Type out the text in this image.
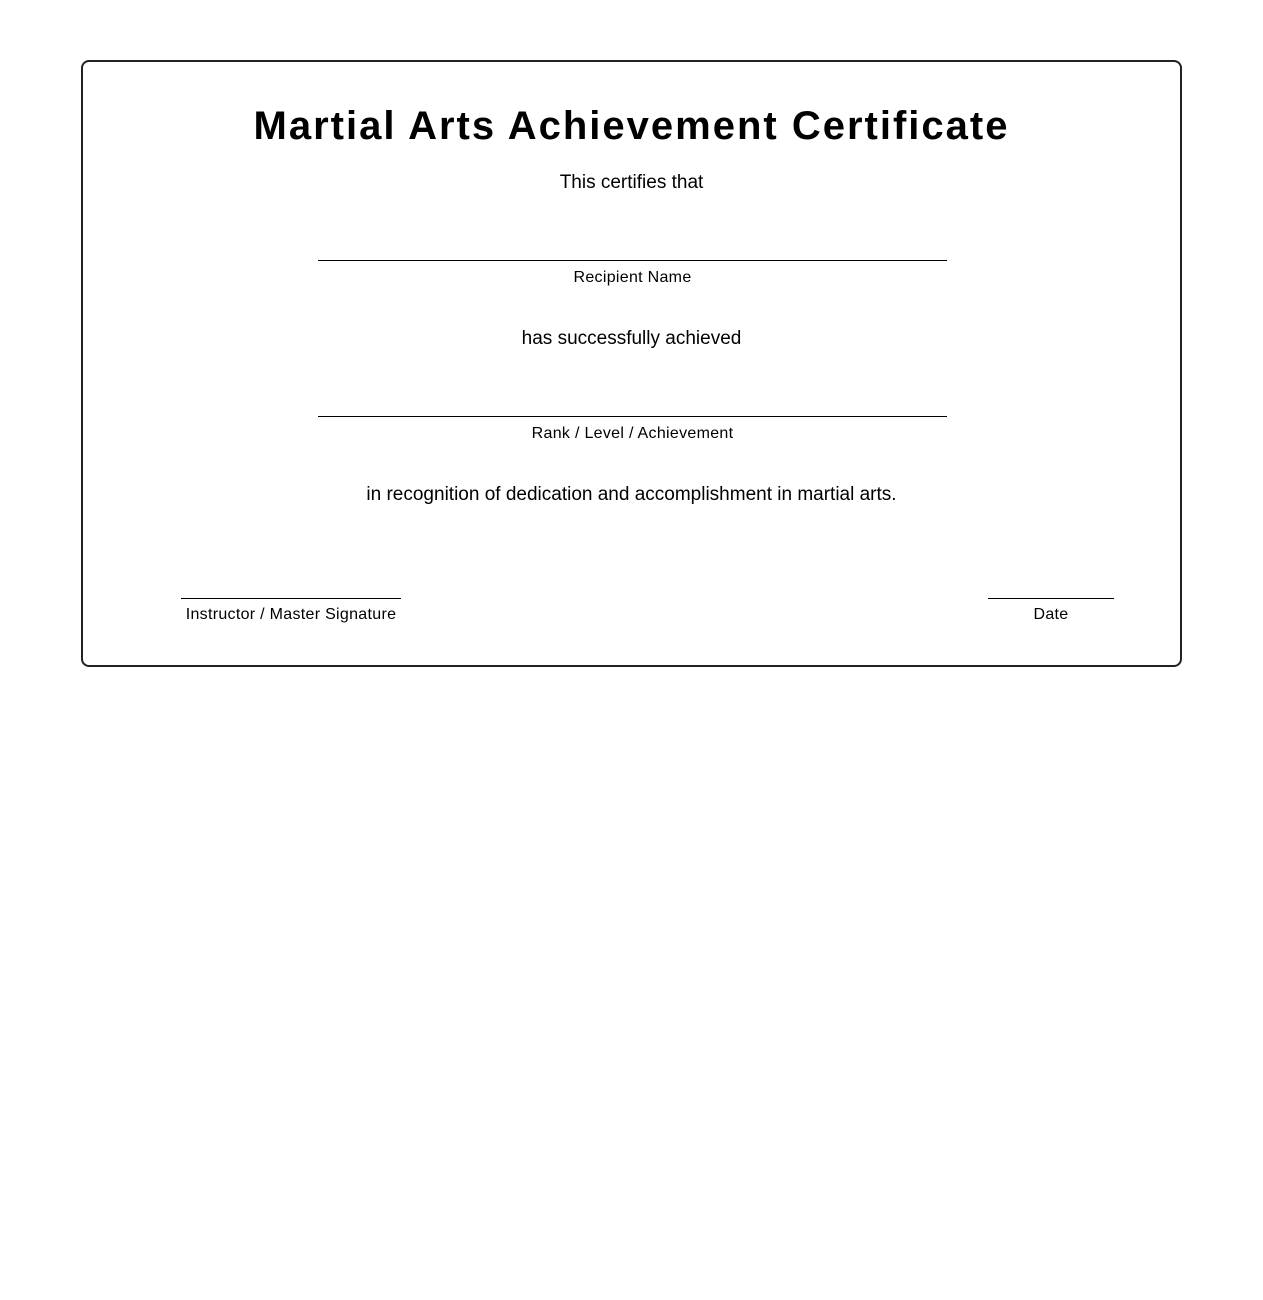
Martial Arts Achievement Certificate
This certifies that
Recipient Name
has successfully achieved
Rank / Level / Achievement
in recognition of dedication and accomplishment in martial arts.
Instructor / Master Signature	Date
